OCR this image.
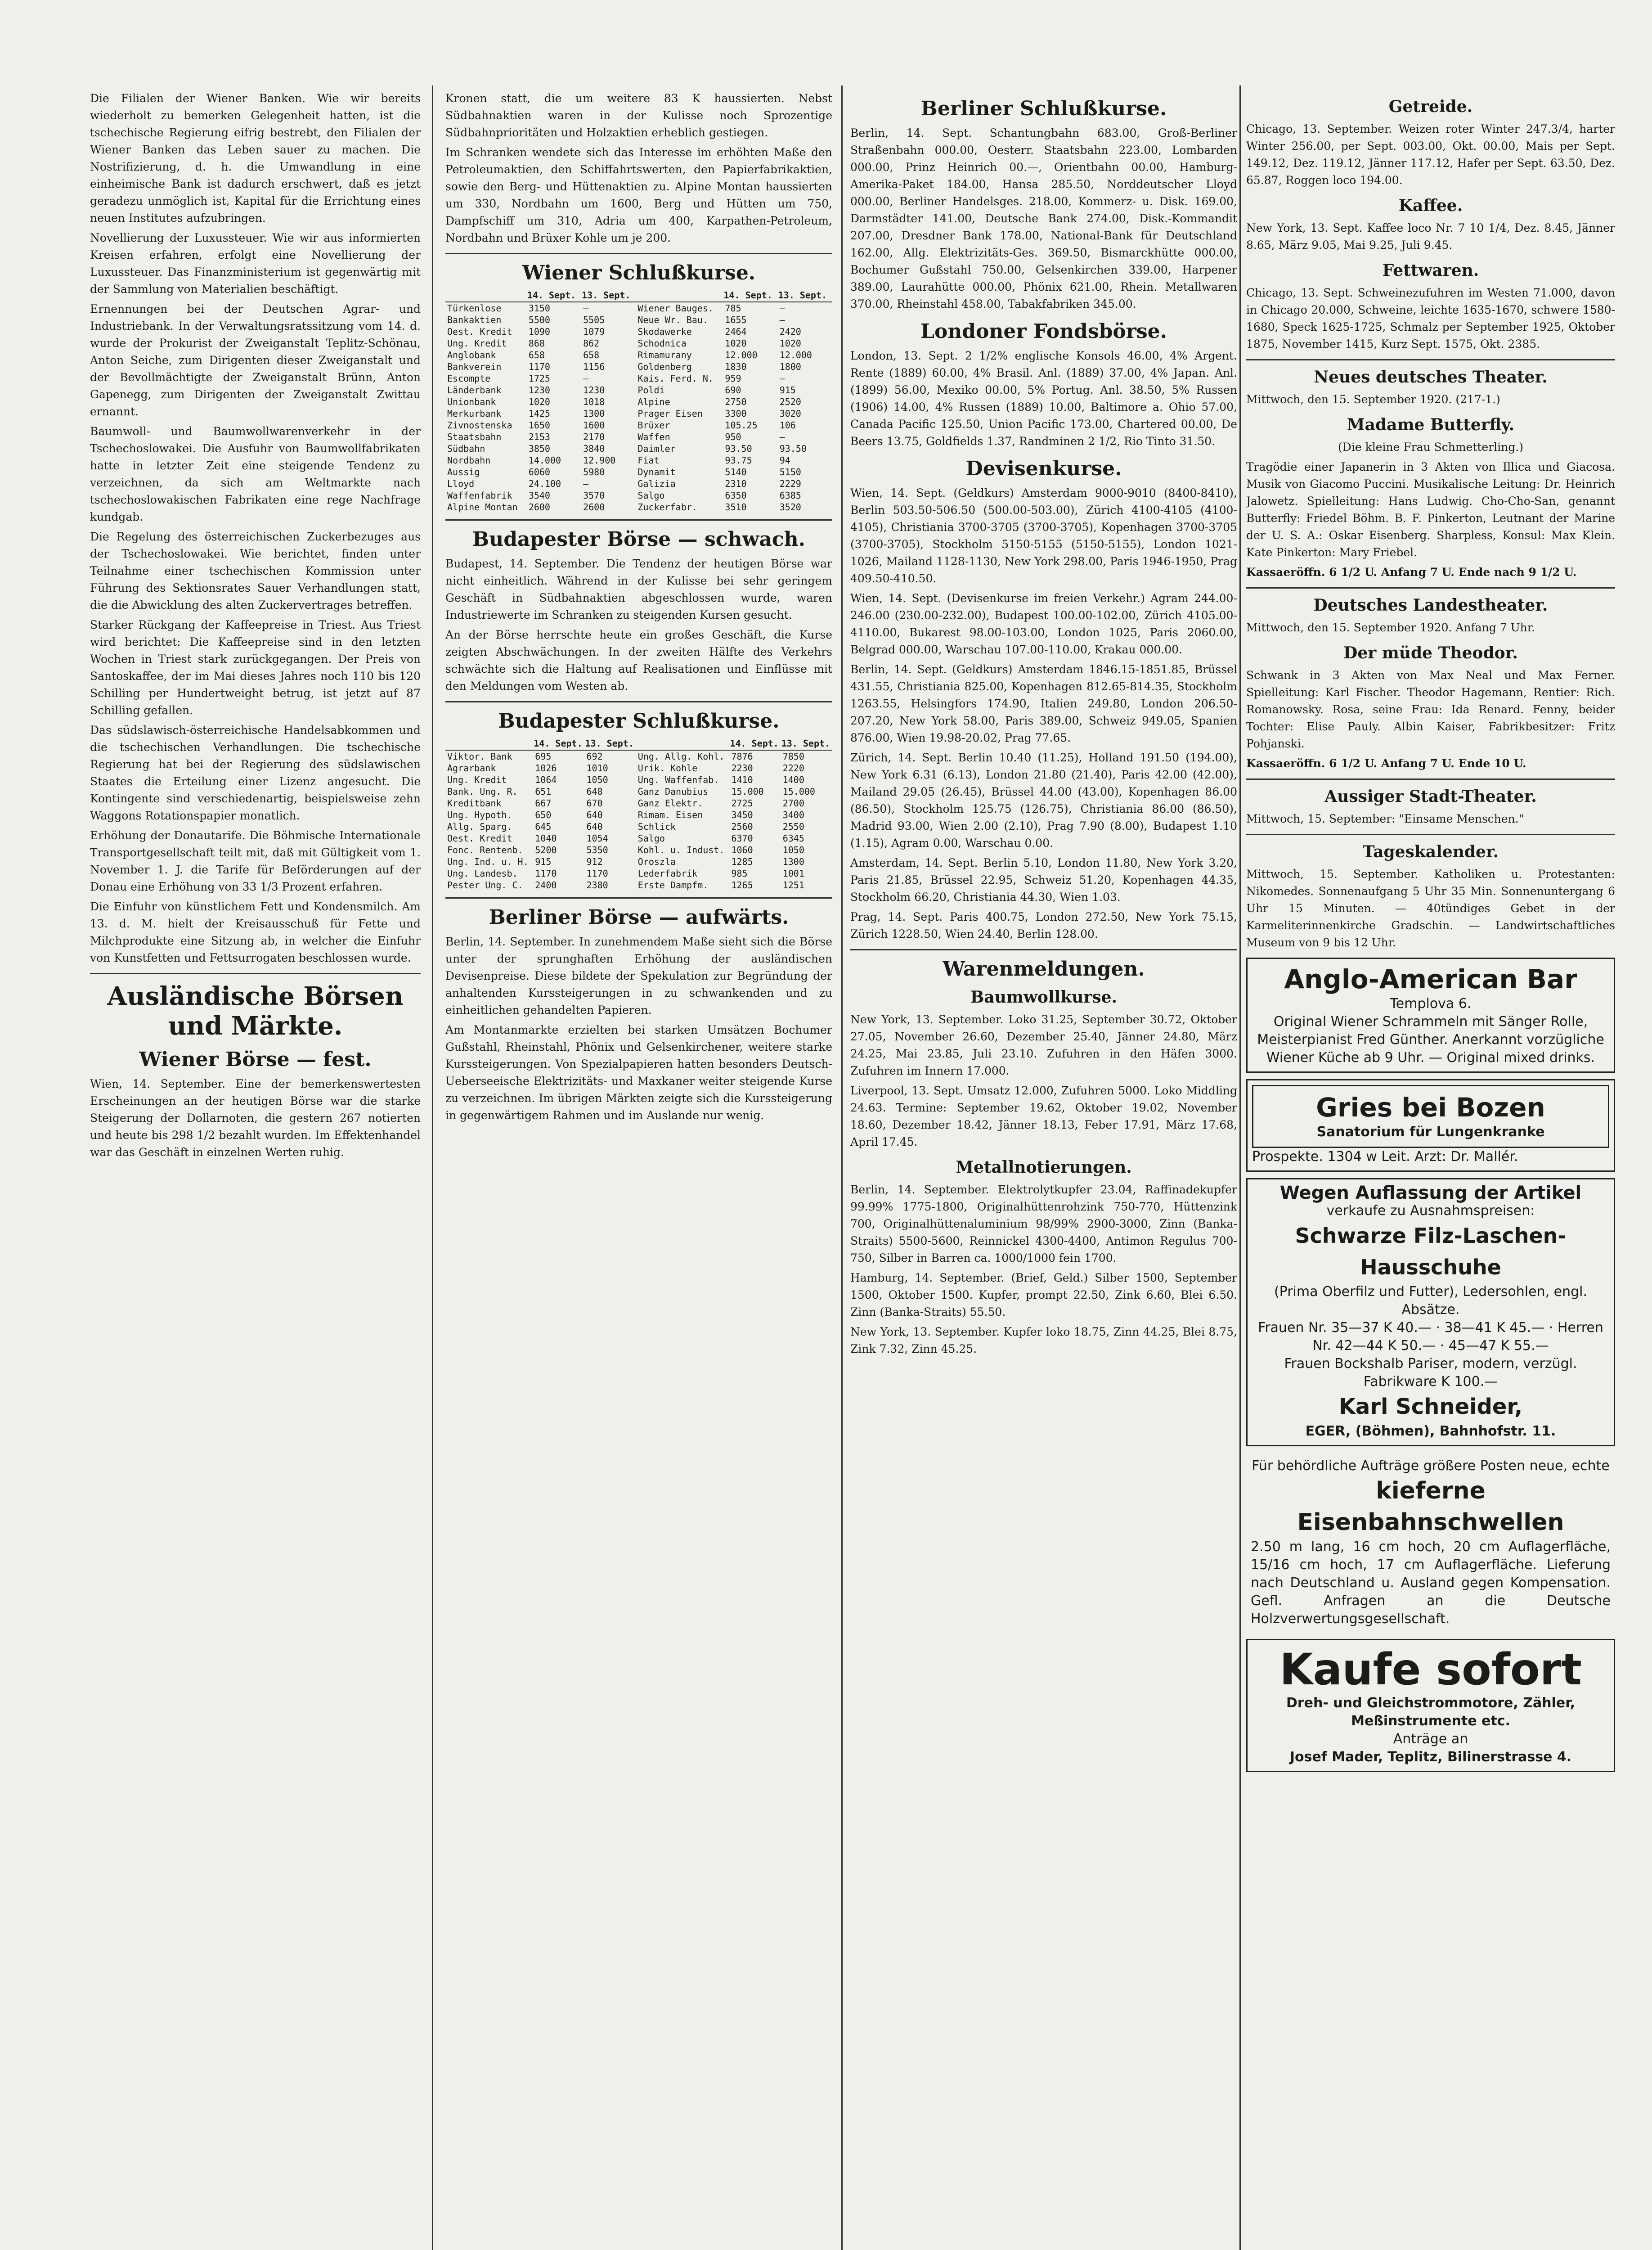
Die Filialen der Wiener Banken. Wie wir bereits wiederholt zu bemerken Gelegenheit hatten, ist die tschechische Regierung eifrig bestrebt, den Filialen der Wiener Banken das Leben sauer zu machen. Die Nostrifizierung, d. h. die Umwandlung in eine einheimische Bank ist dadurch erschwert, daß es jetzt geradezu unmöglich ist, Kapital für die Errichtung eines neuen Institutes aufzubringen.

Novellierung der Luxussteuer. Wie wir aus informierten Kreisen erfahren, erfolgt eine Novellierung der Luxussteuer. Das Finanzministerium ist gegenwärtig mit der Sammlung von Materialien beschäftigt.

Ernennungen bei der Deutschen Agrar- und Industriebank. In der Verwaltungsratssitzung vom 14. d. wurde der Prokurist der Zweiganstalt Teplitz-Schönau, Anton Seiche, zum Dirigenten dieser Zweiganstalt und der Bevollmächtigte der Zweiganstalt Brünn, Anton Gapenegg, zum Dirigenten der Zweiganstalt Zwittau ernannt.

Baumwoll- und Baumwollwarenverkehr in der Tschechoslowakei. Die Ausfuhr von Baumwollfabrikaten hatte in letzter Zeit eine steigende Tendenz zu verzeichnen, da sich am Weltmarkte nach tschechoslowakischen Fabrikaten eine rege Nachfrage kundgab.

Die Regelung des österreichischen Zuckerbezuges aus der Tschechoslowakei. Wie berichtet, finden unter Teilnahme einer tschechischen Kommission unter Führung des Sektionsrates Sauer Verhandlungen statt, die die Abwicklung des alten Zuckervertrages betreffen.

Starker Rückgang der Kaffeepreise in Triest. Aus Triest wird berichtet: Die Kaffeepreise sind in den letzten Wochen in Triest stark zurückgegangen. Der Preis von Santoskaffee, der im Mai dieses Jahres noch 110 bis 120 Schilling per Hundertweight betrug, ist jetzt auf 87 Schilling gefallen.

Das südslawisch-österreichische Handelsabkommen und die tschechischen Verhandlungen. Die tschechische Regierung hat bei der Regierung des südslawischen Staates die Erteilung einer Lizenz angesucht. Die Kontingente sind verschiedenartig, beispielsweise zehn Waggons Rotationspapier monatlich.

Erhöhung der Donautarife. Die Böhmische Internationale Transportgesellschaft teilt mit, daß mit Gültigkeit vom 1. November 1. J. die Tarife für Beförderungen auf der Donau eine Erhöhung von 33 1/3 Prozent erfahren.

Die Einfuhr von künstlichem Fett und Kondensmilch. Am 13. d. M. hielt der Kreisausschuß für Fette und Milchprodukte eine Sitzung ab, in welcher die Einfuhr von Kunstfetten und Fettsurrogaten beschlossen wurde.

Ausländische Börsen und Märkte.
Wiener Börse — fest.

Wien, 14. September. Eine der bemerkenswertesten Erscheinungen an der heutigen Börse war die starke Steigerung der Dollarnoten, die gestern 267 notierten und heute bis 298 1/2 bezahlt wurden. Im Effektenhandel war das Geschäft in einzelnen Werten ruhig.

Kronen statt, die um weitere 83 K haussierten. Nebst Südbahnaktien waren in der Kulisse noch Sprozentige Südbahnprioritäten und Holzaktien erheblich gestiegen.

Im Schranken wendete sich das Interesse im erhöhten Maße den Petroleumaktien, den Schiffahrtswerten, den Papierfabrikaktien, sowie den Berg- und Hüttenaktien zu. Alpine Montan haussierten um 330, Nordbahn um 1600, Berg und Hütten um 750, Dampfschiff um 310, Adria um 400, Karpathen-Petroleum, Nordbahn und Brüxer Kohle um je 200.

Wiener Schlußkurse.
	14. Sept.	13. Sept.		14. Sept.	13. Sept.
Türkenlose	3150	—	Wiener Bauges.	785	—
Bankaktien	5500	5505	Neue Wr. Bau.	1655	—
Oest. Kredit	1090	1079	Skodawerke	2464	2420
Ung. Kredit	868	862	Schodnica	1020	1020
Anglobank	658	658	Rimamurany	12.000	12.000
Bankverein	1170	1156	Goldenberg	1830	1800
Escompte	1725	—	Kais. Ferd. N.	959	—
Länderbank	1230	1230	Poldi	690	915
Unionbank	1020	1018	Alpine	2750	2520
Merkurbank	1425	1300	Prager Eisen	3300	3020
Zivnostenska	1650	1600	Brüxer	105.25	106
Staatsbahn	2153	2170	Waffen	950	—
Südbahn	3850	3840	Daimler	93.50	93.50
Nordbahn	14.000	12.900	Fiat	93.75	94
Aussig	6060	5980	Dynamit	5140	5150
Lloyd	24.100	—	Galizia	2310	2229
Waffenfabrik	3540	3570	Salgo	6350	6385
Alpine Montan	2600	2600	Zuckerfabr.	3510	3520
Budapester Börse — schwach.

Budapest, 14. September. Die Tendenz der heutigen Börse war nicht einheitlich. Während in der Kulisse bei sehr geringem Geschäft in Südbahnaktien abgeschlossen wurde, waren Industriewerte im Schranken zu steigenden Kursen gesucht.

An der Börse herrschte heute ein großes Geschäft, die Kurse zeigten Abschwächungen. In der zweiten Hälfte des Verkehrs schwächte sich die Haltung auf Realisationen und Einflüsse mit den Meldungen vom Westen ab.

Budapester Schlußkurse.
	14. Sept.	13. Sept.		14. Sept.	13. Sept.
Viktor. Bank	695	692	Ung. Allg. Kohl.	7876	7850
Agrarbank	1026	1010	Urik. Kohle	2230	2220
Ung. Kredit	1064	1050	Ung. Waffenfab.	1410	1400
Bank. Ung. R.	651	648	Ganz Danubius	15.000	15.000
Kreditbank	667	670	Ganz Elektr.	2725	2700
Ung. Hypoth.	650	640	Rimam. Eisen	3450	3400
Allg. Sparg.	645	640	Schlick	2560	2550
Oest. Kredit	1040	1054	Salgo	6370	6345
Fonc. Rentenb.	5200	5350	Kohl. u. Indust.	1060	1050
Ung. Ind. u. H.	915	912	Oroszla	1285	1300
Ung. Landesb.	1170	1170	Lederfabrik	985	1001
Pester Ung. C.	2400	2380	Erste Dampfm.	1265	1251
Berliner Börse — aufwärts.

Berlin, 14. September. In zunehmendem Maße sieht sich die Börse unter der sprunghaften Erhöhung der ausländischen Devisenpreise. Diese bildete der Spekulation zur Begründung der anhaltenden Kurssteigerungen in zu schwankenden und zu einheitlichen gehandelten Papieren.

Am Montanmarkte erzielten bei starken Umsätzen Bochumer Gußstahl, Rheinstahl, Phönix und Gelsenkirchener, weitere starke Kurssteigerungen. Von Spezialpapieren hatten besonders Deutsch-Ueberseeische Elektrizitäts- und Maxkaner weiter steigende Kurse zu verzeichnen. Im übrigen Märkten zeigte sich die Kurssteigerung in gegenwärtigem Rahmen und im Auslande nur wenig.

Berliner Schlußkurse.

Berlin, 14. Sept. Schantungbahn 683.00, Groß-Berliner Straßenbahn 000.00, Oesterr. Staatsbahn 223.00, Lombarden 000.00, Prinz Heinrich 00.—, Orientbahn 00.00, Hamburg-Amerika-Paket 184.00, Hansa 285.50, Norddeutscher Lloyd 000.00, Berliner Handelsges. 218.00, Kommerz- u. Disk. 169.00, Darmstädter 141.00, Deutsche Bank 274.00, Disk.-Kommandit 207.00, Dresdner Bank 178.00, National-Bank für Deutschland 162.00, Allg. Elektrizitäts-Ges. 369.50, Bismarckhütte 000.00, Bochumer Gußstahl 750.00, Gelsenkirchen 339.00, Harpener 389.00, Laurahütte 000.00, Phönix 621.00, Rhein. Metallwaren 370.00, Rheinstahl 458.00, Tabakfabriken 345.00.

Londoner Fondsbörse.

London, 13. Sept. 2 1/2% englische Konsols 46.00, 4% Argent. Rente (1889) 60.00, 4% Brasil. Anl. (1889) 37.00, 4% Japan. Anl. (1899) 56.00, Mexiko 00.00, 5% Portug. Anl. 38.50, 5% Russen (1906) 14.00, 4% Russen (1889) 10.00, Baltimore a. Ohio 57.00, Canada Pacific 125.50, Union Pacific 173.00, Chartered 00.00, De Beers 13.75, Goldfields 1.37, Randminen 2 1/2, Rio Tinto 31.50.

Devisenkurse.

Wien, 14. Sept. (Geldkurs) Amsterdam 9000-9010 (8400-8410), Berlin 503.50-506.50 (500.00-503.00), Zürich 4100-4105 (4100-4105), Christiania 3700-3705 (3700-3705), Kopenhagen 3700-3705 (3700-3705), Stockholm 5150-5155 (5150-5155), London 1021-1026, Mailand 1128-1130, New York 298.00, Paris 1946-1950, Prag 409.50-410.50.

Wien, 14. Sept. (Devisenkurse im freien Verkehr.) Agram 244.00-246.00 (230.00-232.00), Budapest 100.00-102.00, Zürich 4105.00-4110.00, Bukarest 98.00-103.00, London 1025, Paris 2060.00, Belgrad 000.00, Warschau 107.00-110.00, Krakau 000.00.

Berlin, 14. Sept. (Geldkurs) Amsterdam 1846.15-1851.85, Brüssel 431.55, Christiania 825.00, Kopenhagen 812.65-814.35, Stockholm 1263.55, Helsingfors 174.90, Italien 249.80, London 206.50-207.20, New York 58.00, Paris 389.00, Schweiz 949.05, Spanien 876.00, Wien 19.98-20.02, Prag 77.65.

Zürich, 14. Sept. Berlin 10.40 (11.25), Holland 191.50 (194.00), New York 6.31 (6.13), London 21.80 (21.40), Paris 42.00 (42.00), Mailand 29.05 (26.45), Brüssel 44.00 (43.00), Kopenhagen 86.00 (86.50), Stockholm 125.75 (126.75), Christiania 86.00 (86.50), Madrid 93.00, Wien 2.00 (2.10), Prag 7.90 (8.00), Budapest 1.10 (1.15), Agram 0.00, Warschau 0.00.

Amsterdam, 14. Sept. Berlin 5.10, London 11.80, New York 3.20, Paris 21.85, Brüssel 22.95, Schweiz 51.20, Kopenhagen 44.35, Stockholm 66.20, Christiania 44.30, Wien 1.03.

Prag, 14. Sept. Paris 400.75, London 272.50, New York 75.15, Zürich 1228.50, Wien 24.40, Berlin 128.00.

Warenmeldungen.
Baumwollkurse.

New York, 13. September. Loko 31.25, September 30.72, Oktober 27.05, November 26.60, Dezember 25.40, Jänner 24.80, März 24.25, Mai 23.85, Juli 23.10. Zufuhren in den Häfen 3000. Zufuhren im Innern 17.000.

Liverpool, 13. Sept. Umsatz 12.000, Zufuhren 5000. Loko Middling 24.63. Termine: September 19.62, Oktober 19.02, November 18.60, Dezember 18.42, Jänner 18.13, Feber 17.91, März 17.68, April 17.45.

Metallnotierungen.

Berlin, 14. September. Elektrolytkupfer 23.04, Raffinadekupfer 99.99% 1775-1800, Originalhüttenrohzink 750-770, Hüttenzink 700, Originalhüttenaluminium 98/99% 2900-3000, Zinn (Banka-Straits) 5500-5600, Reinnickel 4300-4400, Antimon Regulus 700-750, Silber in Barren ca. 1000/1000 fein 1700.

Hamburg, 14. September. (Brief, Geld.) Silber 1500, September 1500, Oktober 1500. Kupfer, prompt 22.50, Zink 6.60, Blei 6.50. Zinn (Banka-Straits) 55.50.

New York, 13. September. Kupfer loko 18.75, Zinn 44.25, Blei 8.75, Zink 7.32, Zinn 45.25.

Getreide.

Chicago, 13. September. Weizen roter Winter 247.3/4, harter Winter 256.00, per Sept. 003.00, Okt. 00.00, Mais per Sept. 149.12, Dez. 119.12, Jänner 117.12, Hafer per Sept. 63.50, Dez. 65.87, Roggen loco 194.00.

Kaffee.

New York, 13. Sept. Kaffee loco Nr. 7 10 1/4, Dez. 8.45, Jänner 8.65, März 9.05, Mai 9.25, Juli 9.45.

Fettwaren.

Chicago, 13. Sept. Schweinezufuhren im Westen 71.000, davon in Chicago 20.000, Schweine, leichte 1635-1670, schwere 1580-1680, Speck 1625-1725, Schmalz per September 1925, Oktober 1875, November 1415, Kurz Sept. 1575, Okt. 2385.

Neues deutsches Theater.

Mittwoch, den 15. September 1920. (217-1.)

Madame Butterfly.

(Die kleine Frau Schmetterling.)

Tragödie einer Japanerin in 3 Akten von Illica und Giacosa. Musik von Giacomo Puccini. Musikalische Leitung: Dr. Heinrich Jalowetz. Spielleitung: Hans Ludwig. Cho-Cho-San, genannt Butterfly: Friedel Böhm. B. F. Pinkerton, Leutnant der Marine der U. S. A.: Oskar Eisenberg. Sharpless, Konsul: Max Klein. Kate Pinkerton: Mary Friebel.

Kassaeröffn. 6 1/2 U. Anfang 7 U. Ende nach 9 1/2 U.

Deutsches Landestheater.

Mittwoch, den 15. September 1920. Anfang 7 Uhr.

Der müde Theodor.

Schwank in 3 Akten von Max Neal und Max Ferner. Spielleitung: Karl Fischer. Theodor Hagemann, Rentier: Rich. Romanowsky. Rosa, seine Frau: Ida Renard. Fenny, beider Tochter: Elise Pauly. Albin Kaiser, Fabrikbesitzer: Fritz Pohjanski.

Kassaeröffn. 6 1/2 U. Anfang 7 U. Ende 10 U.

Aussiger Stadt-Theater.

Mittwoch, 15. September: "Einsame Menschen."

Tageskalender.

Mittwoch, 15. September. Katholiken u. Protestanten: Nikomedes. Sonnenaufgang 5 Uhr 35 Min. Sonnenuntergang 6 Uhr 15 Minuten. — 40tündiges Gebet in der Karmeliterinnenkirche Gradschin. — Landwirtschaftliches Museum von 9 bis 12 Uhr.

Anglo-American Bar
Templova 6.
Original Wiener Schrammeln mit Sänger Rolle, Meisterpianist Fred Günther. Anerkannt vorzügliche Wiener Küche ab 9 Uhr. — Original mixed drinks.
Gries bei Bozen
Sanatorium für Lungenkranke
Prospekte. 1304 w Leit. Arzt: Dr. Mallér.
Wegen Auflassung der Artikel
verkaufe zu Ausnahmspreisen:
Schwarze Filz-Laschen-Hausschuhe
(Prima Oberfilz und Futter), Ledersohlen, engl. Absätze.
Frauen Nr. 35—37 K 40.— · 38—41 K 45.— · Herren Nr. 42—44 K 50.— · 45—47 K 55.—
Frauen Bockshalb Pariser, modern, verzügl. Fabrikware K 100.—
Karl Schneider,
EGER, (Böhmen), Bahnhofstr. 11.
Für behördliche Aufträge größere Posten neue, echte
kieferne Eisenbahnschwellen
2.50 m lang, 16 cm hoch, 20 cm Auflagerfläche, 15/16 cm hoch, 17 cm Auflagerfläche. Lieferung nach Deutschland u. Ausland gegen Kompensation. Gefl. Anfragen an die Deutsche Holzverwertungsgesellschaft.
Kaufe sofort
Dreh- und Gleichstrommotore, Zähler, Meßinstrumente etc.
Anträge an
Josef Mader, Teplitz, Bilinerstrasse 4.
